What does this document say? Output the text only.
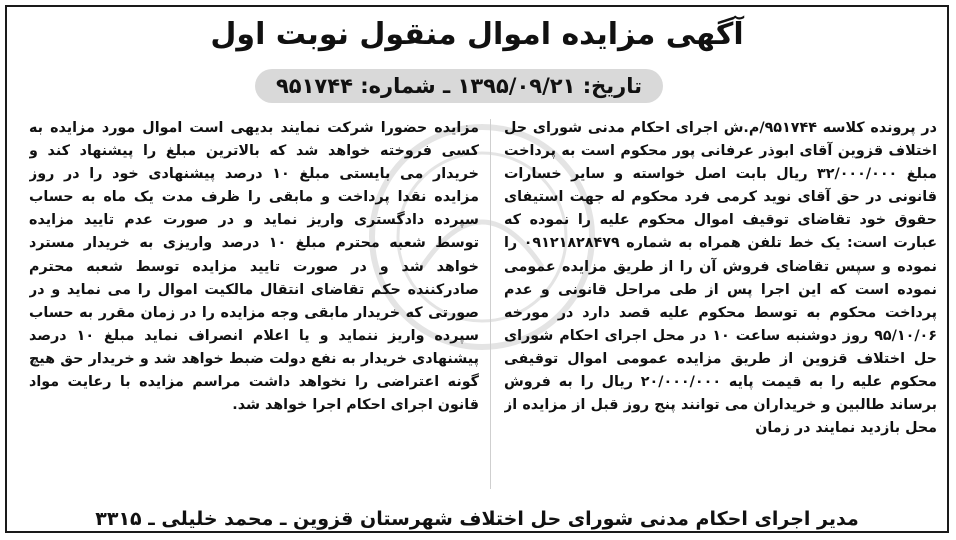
آگهی مزایده اموال منقول نوبت اول
تاریخ: ۱۳۹۵/۰۹/۲۱ ـ شماره: ۹۵۱۷۴۴
در پرونده کلاسه ۹۵۱۷۴۴/م.ش اجرای احکام مدنی شورای حل اختلاف قزوین آقای ابوذر عرفانی پور محکوم است به پرداخت مبلغ ۳۲/۰۰۰/۰۰۰ ریال بابت اصل خواسته و سایر خسارات قانونی در حق آقای نوید کرمی فرد محکوم له جهت استیفای حقوق خود تقاضای توقیف اموال محکوم علیه را نموده که عبارت است: یک خط تلفن همراه به شماره ۰۹۱۲۱۸۲۸۴۷۹ را نموده و سپس تقاضای فروش آن را از طریق مزایده عمومی نموده است که این اجرا پس از طی مراحل قانونی و عدم پرداخت محکوم به توسط محکوم علیه قصد دارد در مورخه ۹۵/۱۰/۰۶ روز دوشنبه ساعت ۱۰ در محل اجرای احکام شورای حل اختلاف قزوین از طریق مزایده عمومی اموال توقیفی محکوم علیه را به قیمت پایه ۲۰/۰۰۰/۰۰۰ ریال را به فروش برساند طالبین و خریداران می توانند پنج روز قبل از مزایده از محل بازدید نمایند در زمان
مزایده حضورا شرکت نمایند بدیهی است اموال مورد مزایده به کسی فروخته خواهد شد که بالاترین مبلغ را پیشنهاد کند و خریدار می بایستی مبلغ ۱۰ درصد پیشنهادی خود را در روز مزایده نقدا پرداخت و مابقی را ظرف مدت یک ماه به حساب سپرده دادگستری واریز نماید و در صورت عدم تایید مزایده توسط شعبه محترم مبلغ ۱۰ درصد واریزی به خریدار مسترد خواهد شد و در صورت تایید مزایده توسط شعبه محترم صادرکننده حکم تقاضای انتقال مالکیت اموال را می نماید و در صورتی که خریدار مابقی وجه مزایده را در زمان مقرر به حساب سپرده واریز ننماید و یا اعلام انصراف نماید مبلغ ۱۰ درصد پیشنهادی خریدار به نفع دولت ضبط خواهد شد و خریدار حق هیچ گونه اعتراضی را نخواهد داشت مراسم مزایده با رعایت مواد قانون اجرای احکام اجرا خواهد شد.
مدیر اجرای احکام مدنی شورای حل اختلاف شهرستان قزوین ـ محمد خلیلی ـ ۳۳۱۵
